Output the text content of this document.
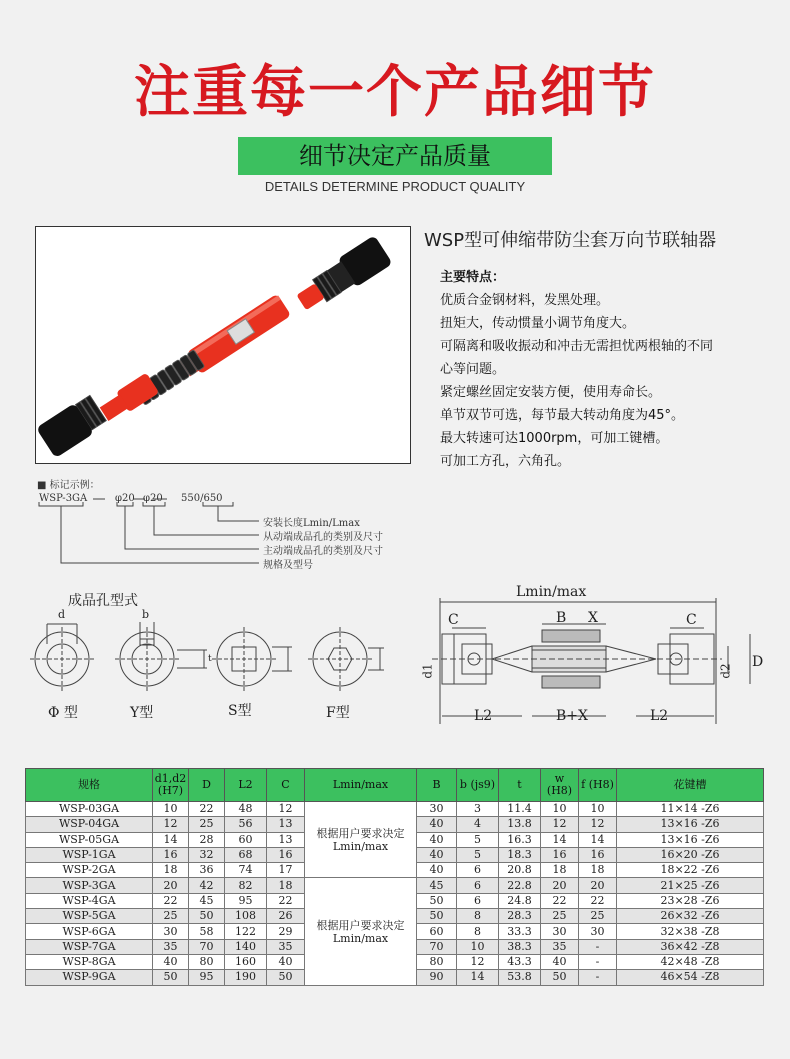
注重每一个产品细节
细节决定产品质量
DETAILS DETERMINE PRODUCT QUALITY
WSP型可伸缩带防尘套万向节联轴器

主要特点：

优质合金钢材料，发黑处理。

扭矩大，传动惯量小调节角度大。

可隔离和吸收振动和冲击无需担忧两根轴的不同

心等问题。

紧定螺丝固定安装方便，使用寿命长。

单节双节可选，每节最大转动角度为45°。

最大转速可达1000rpm，可加工键槽。

可加工方孔，六角孔。

■ 标记示例：
WSP-3GA	φ20 φ20 550/650
安装长度Lmin/Lmax
从动端成品孔的类别及尺寸
主动端成品孔的类别及尺寸
规格及型号
成品孔型式
d	b
t
Φ 型	Y型	S型	F型
Lmin/max
C	B X	C
d1	d2
D
L2	B+X	L2
规格	d1,d2 (H7)	D	L2	C	Lmin/max	B	b (js9)	t	w (H8)	f (H8)	花键槽
WSP-03GA	10	22	48	12	根据用户要求决定Lmin/max	30	3	11.4	10	10	11×14 -Z6
WSP-04GA	12	25	56	13		40	4	13.8	12	12	13×16 -Z6
WSP-05GA	14	28	60	13		40	5	16.3	14	14	13×16 -Z6
WSP-1GA	16	32	68	16		40	5	18.3	16	16	16×20 -Z6
WSP-2GA	18	36	74	17		40	6	20.8	18	18	18×22 -Z6
WSP-3GA	20	42	82	18	根据用户要求决定Lmin/max	45	6	22.8	20	20	21×25 -Z6
WSP-4GA	22	45	95	22		50	6	24.8	22	22	23×28 -Z6
WSP-5GA	25	50	108	26		50	8	28.3	25	25	26×32 -Z6
WSP-6GA	30	58	122	29		60	8	33.3	30	30	32×38 -Z8
WSP-7GA	35	70	140	35		70	10	38.3	35	-	36×42 -Z8
WSP-8GA	40	80	160	40		80	12	43.3	40	-	42×48 -Z8
WSP-9GA	50	95	190	50		90	14	53.8	50	-	46×54 -Z8
